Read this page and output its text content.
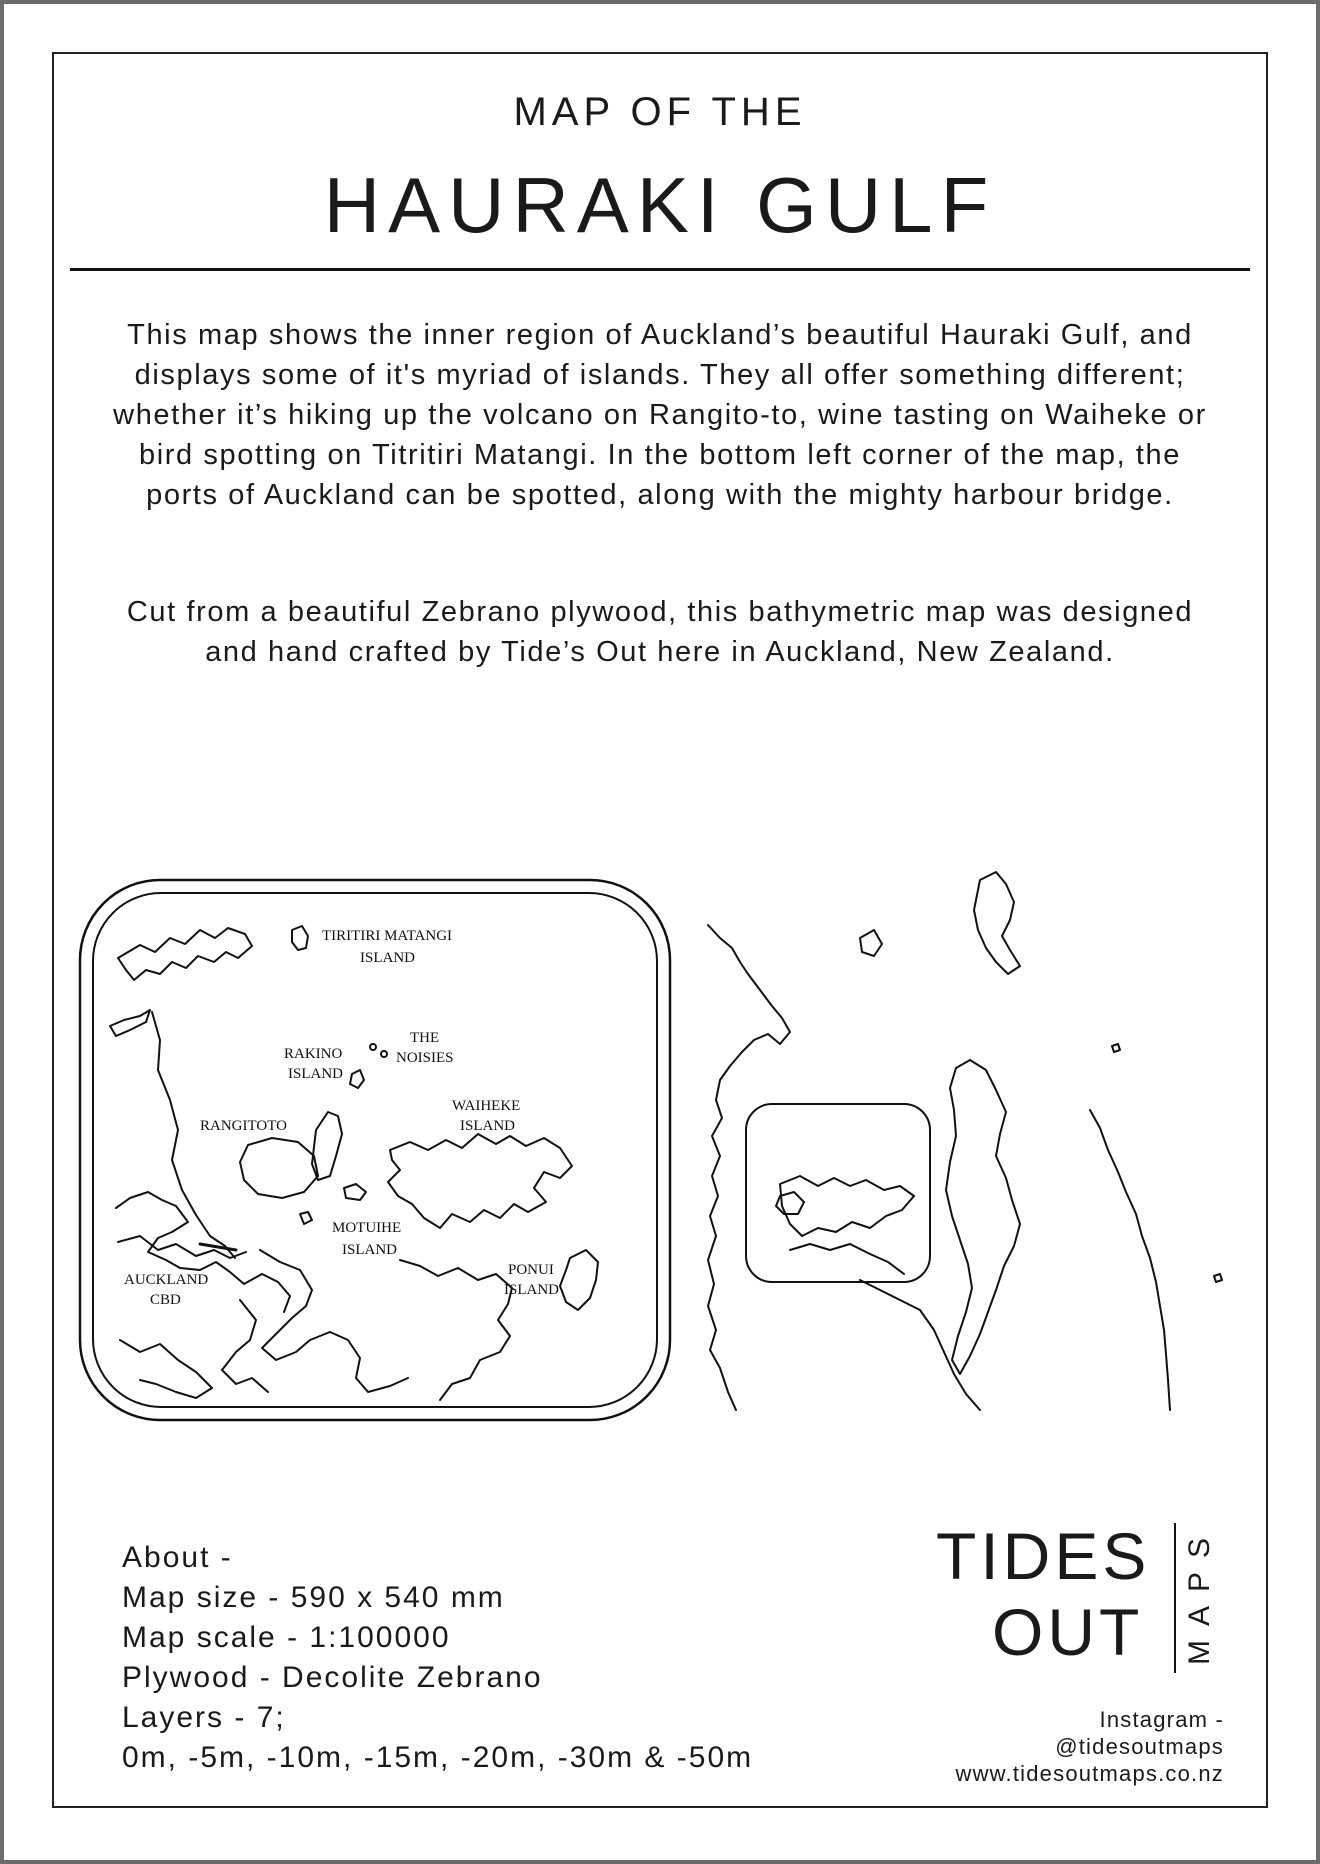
MAP OF THE
HAURAKI GULF

This map shows the inner region of Auckland’s beautiful Hauraki Gulf, and displays some of it's myriad of islands. They all offer something different; whether it’s hiking up the volcano on Rangito-to, wine tasting on Waiheke or bird spotting on Titritiri Matangi. In the bottom left corner of the map, the ports of Auckland can be spotted, along with the mighty harbour bridge.

Cut from a beautiful Zebrano plywood, this bathymetric map was designed and hand crafted by Tide’s Out here in Auckland, New Zealand.

TIRITIRI MATANGI
ISLAND
THE
NOISIES
RAKINO
ISLAND
WAIHEKE
ISLAND
RANGITOTO
MOTUIHE
ISLAND
AUCKLAND
CBD
PONUI
ISLAND
About -
Map size - 590 x 540 mm
Map scale - 1:100000
Plywood - Decolite Zebrano
Layers - 7;
0m, -5m, -10m, -15m, -20m, -30m & -50m
TIDES
OUT MAPS
Instagram -
@tidesoutmaps
www.tidesoutmaps.co.nz
